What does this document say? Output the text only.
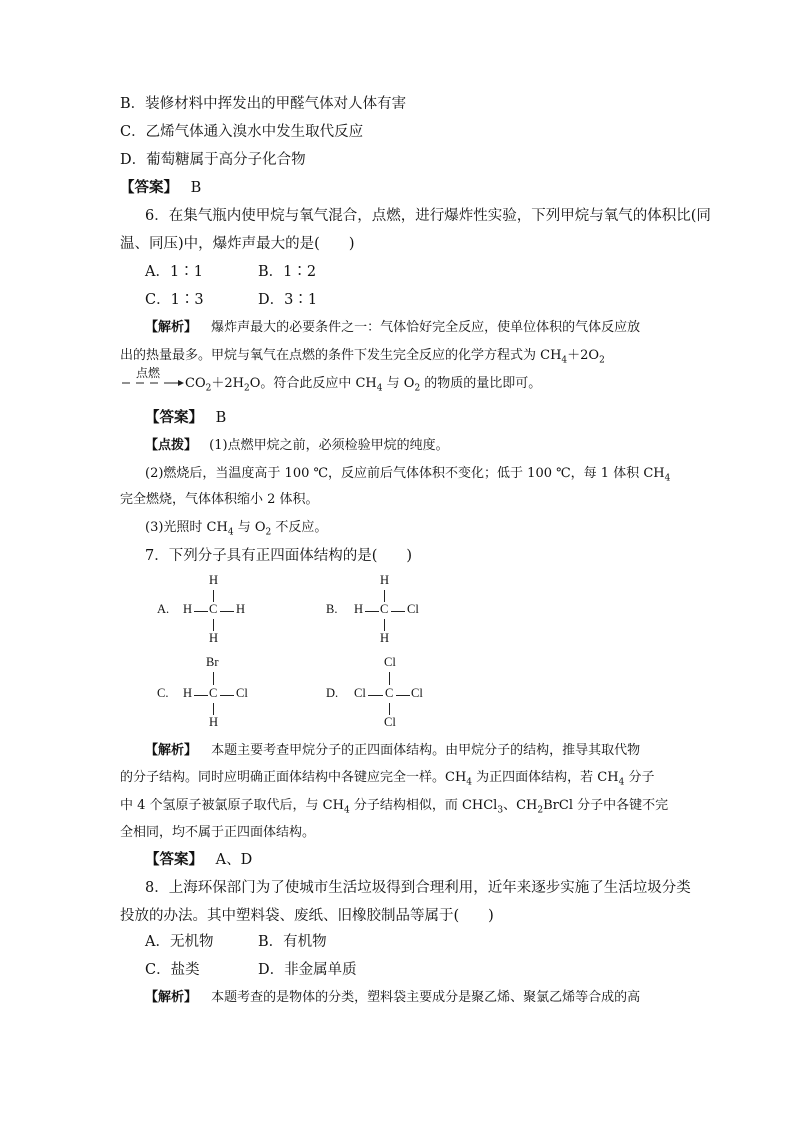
B．装修材料中挥发出的甲醛气体对人体有害
C．乙烯气体通入溴水中发生取代反应
D．葡萄糖属于高分子化合物
【答案】 B
6．在集气瓶内使甲烷与氧气混合，点燃，进行爆炸性实验，下列甲烷与氧气的体积比(同
温、同压)中，爆炸声最大的是(　　)
A．1∶1	B．1∶2
C．1∶3	D．3∶1
【解析】 爆炸声最大的必要条件之一：气体恰好完全反应，使单位体积的气体反应放
出的热量最多。甲烷与氧气在点燃的条件下发生完全反应的化学方程式为 $CH_4+2O_2$
点燃
$CO_2+2H_2O$。符合此反应中 $CH_4$ 与 $O_2$ 的物质的量比即可。
【答案】 B
【点拨】 (1)点燃甲烷之前，必须检验甲烷的纯度。
(2)燃烧后，当温度高于 100 ℃，反应前后气体体积不变化；低于 100 ℃，每 1 体积 $CH_4$
完全燃烧，气体体积缩小 2 体积。
(3)光照时 $CH_4$ 与 $O_2$ 不反应。
7．下列分子具有正四面体结构的是(　　)
A.
H
H C H
H
B.
H
H C Cl
H
C.
Br
H C Cl
H
D.
Cl
Cl C Cl
Cl
【解析】 本题主要考查甲烷分子的正四面体结构。由甲烷分子的结构，推导其取代物
的分子结构。同时应明确正面体结构中各键应完全一样。$CH_4$ 为正四面体结构，若 $CH_4$ 分子
中 4 个氢原子被氯原子取代后，与 $CH_4$ 分子结构相似，而 CHCl$_3$、$CH_2BrCl$ 分子中各键不完
全相同，均不属于正四面体结构。
【答案】 A、D
8．上海环保部门为了使城市生活垃圾得到合理利用，近年来逐步实施了生活垃圾分类
投放的办法。其中塑料袋、废纸、旧橡胶制品等属于(　　)
A．无机物	B．有机物
C．盐类	D．非金属单质
【解析】 本题考查的是物体的分类，塑料袋主要成分是聚乙烯、聚氯乙烯等合成的高
